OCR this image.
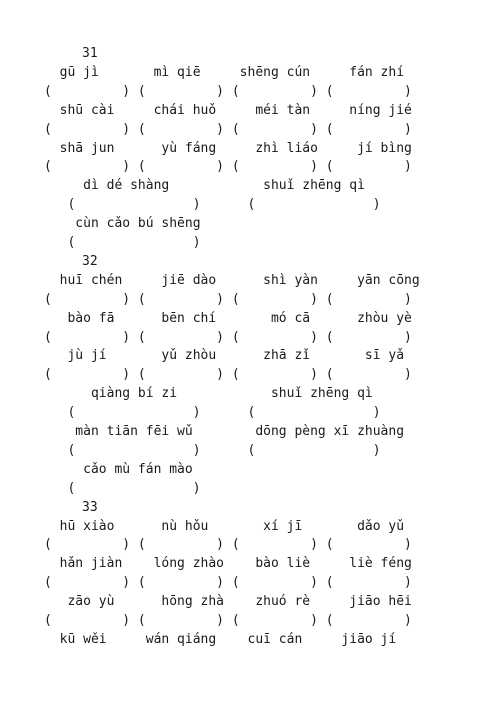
31
gū jì       mì qiē     shēng cún     fán zhí
(         ) (         ) (         ) (         )
shū cài     chái huǒ     méi tàn     níng jié
(         ) (         ) (         ) (         )
shā jun      yù fáng     zhì liáo     jí bìng
(         ) (         ) (         ) (         )
dì dé shàng            shuǐ zhēng qì
(               )      (               )
cùn cǎo bú shēng
(               )
32
huī chén     jiē dào      shì yàn     yān cōng
(         ) (         ) (         ) (         )
bào fā      bēn chí       mó cā      zhòu yè
(         ) (         ) (         ) (         )
jù jí       yǔ zhòu      zhā zǐ       sī yǎ
(         ) (         ) (         ) (         )
qiàng bí zi            shuǐ zhēng qì
(               )      (               )
màn tiān fēi wǔ        dōng pèng xī zhuàng
(               )      (               )
cǎo mù fán mào
(               )
33
hū xiào      nù hǒu       xí jī       dǎo yǔ
(         ) (         ) (         ) (         )
hǎn jiàn    lóng zhào    bào liè     liè féng
(         ) (         ) (         ) (         )
zāo yù      hōng zhà    zhuó rè     jiāo hēi
(         ) (         ) (         ) (         )
kū wěi     wán qiáng    cuī cán     jiāo jí
